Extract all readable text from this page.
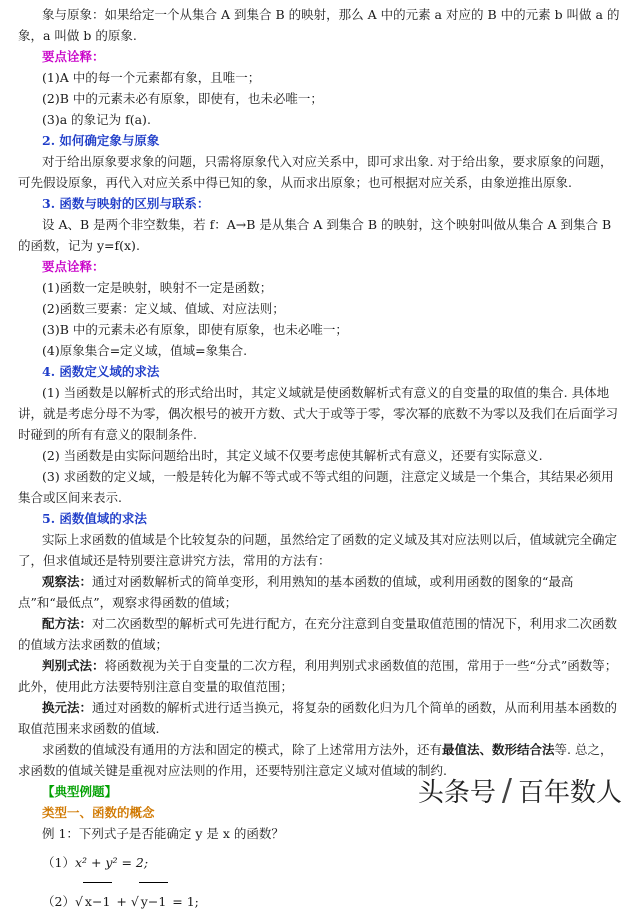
象与原象：如果给定一个从集合 A 到集合 B 的映射，那么 A 中的元素 a 对应的 B 中的元素 b 叫做 a 的象，a 叫做 b 的原象.

要点诠释：

(1)A 中的每一个元素都有象，且唯一；

(2)B 中的元素未必有原象，即使有，也未必唯一；

(3)a 的象记为 f(a).

2. 如何确定象与原象

对于给出原象要求象的问题，只需将原象代入对应关系中，即可求出象. 对于给出象，要求原象的问题，可先假设原象，再代入对应关系中得已知的象，从而求出原象；也可根据对应关系，由象逆推出原象.

3. 函数与映射的区别与联系：

设 A、B 是两个非空数集，若 f：A→B 是从集合 A 到集合 B 的映射，这个映射叫做从集合 A 到集合 B 的函数，记为 y=f(x).

要点诠释：

(1)函数一定是映射，映射不一定是函数；

(2)函数三要素：定义域、值域、对应法则；

(3)B 中的元素未必有原象，即使有原象，也未必唯一；

(4)原象集合=定义域，值域=象集合.

4. 函数定义域的求法

(1) 当函数是以解析式的形式给出时，其定义域就是使函数解析式有意义的自变量的取值的集合. 具体地讲，就是考虑分母不为零，偶次根号的被开方数、式大于或等于零，零次幂的底数不为零以及我们在后面学习时碰到的所有有意义的限制条件.

(2) 当函数是由实际问题给出时，其定义域不仅要考虑使其解析式有意义，还要有实际意义.

(3) 求函数的定义域，一般是转化为解不等式或不等式组的问题，注意定义域是一个集合，其结果必须用集合或区间来表示.

5. 函数值域的求法

实际上求函数的值域是个比较复杂的问题，虽然给定了函数的定义域及其对应法则以后，值域就完全确定了，但求值域还是特别要注意讲究方法，常用的方法有：

观察法：通过对函数解析式的简单变形，利用熟知的基本函数的值域，或利用函数的图象的“最高点”和“最低点”，观察求得函数的值域；

配方法：对二次函数型的解析式可先进行配方，在充分注意到自变量取值范围的情况下，利用求二次函数的值域方法求函数的值域；

判别式法：将函数视为关于自变量的二次方程，利用判别式求函数值的范围，常用于一些“分式”函数等；此外，使用此方法要特别注意自变量的取值范围；

换元法：通过对函数的解析式进行适当换元，将复杂的函数化归为几个简单的函数，从而利用基本函数的取值范围来求函数的值域.

求函数的值域没有通用的方法和固定的模式，除了上述常用方法外，还有最值法、数形结合法等. 总之，求函数的值域关键是重视对应法则的作用，还要特别注意定义域对值域的制约.

【典型例题】

类型一、函数的概念

例 1：下列式子是否能确定 y 是 x 的函数？

（1）x² + y² = 2;

（2）√ x−1 + √ y−1 = 1;

头条号 / 百年数人
